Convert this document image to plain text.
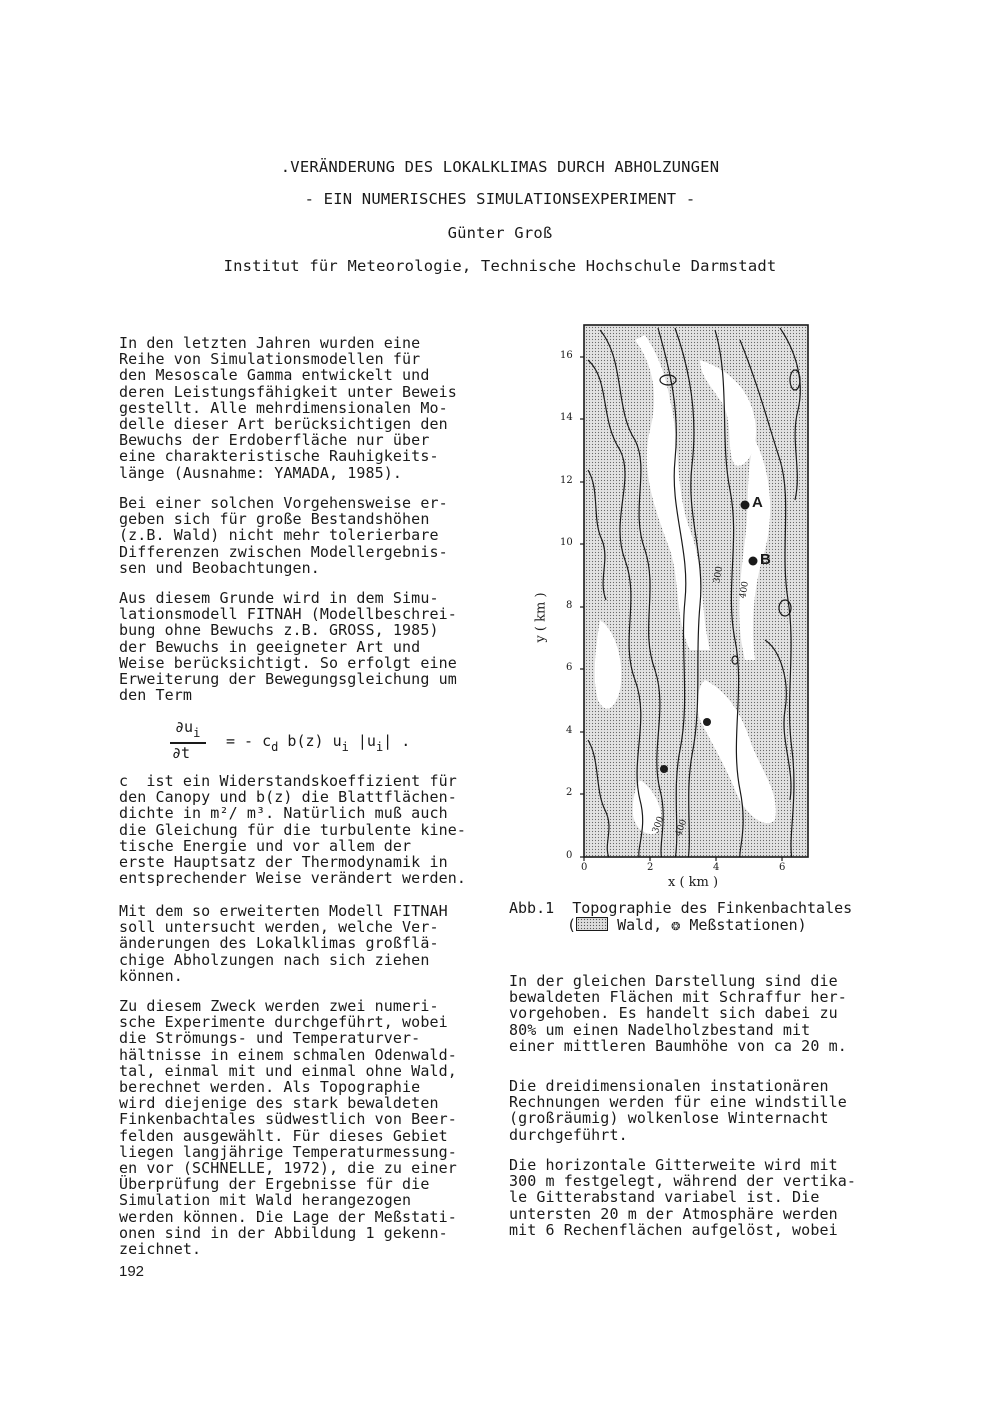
.VERÄNDERUNG DES LOKALKLIMAS DURCH ABHOLZUNGEN
- EIN NUMERISCHES SIMULATIONSEXPERIMENT -
Günter Groß
Institut für Meteorologie, Technische Hochschule Darmstadt
In den letzten Jahren wurden eine
Reihe von Simulationsmodellen für
den Mesoscale Gamma entwickelt und
deren Leistungsfähigkeit unter Beweis
gestellt. Alle mehrdimensionalen Mo-
delle dieser Art berücksichtigen den
Bewuchs der Erdoberfläche nur über
eine charakteristische Rauhigkeits-
länge (Ausnahme: YAMADA, 1985).
Bei einer solchen Vorgehensweise er-
geben sich für große Bestandshöhen
(z.B. Wald) nicht mehr tolerierbare
Differenzen zwischen Modellergebnis-
sen und Beobachtungen.
Aus diesem Grunde wird in dem Simu-
lationsmodell FITNAH (Modellbeschrei-
bung ohne Bewuchs z.B. GROSS, 1985)
der Bewuchs in geeigneter Art und
Weise berücksichtigt. So erfolgt eine
Erweiterung der Bewegungsgleichung um
den Term
$\partial u_i$
∂t
= - $c_d$ b(z) $u_i$ $|u_i|$ .
c  ist ein Widerstandskoeffizient für
den Canopy und b(z) die Blattflächen-
dichte in m²/ m³. Natürlich muß auch
die Gleichung für die turbulente kine-
tische Energie und vor allem der
erste Hauptsatz der Thermodynamik in
entsprechender Weise verändert werden.
Mit dem so erweiterten Modell FITNAH
soll untersucht werden, welche Ver-
änderungen des Lokalklimas großflä-
chige Abholzungen nach sich ziehen
können.
Zu diesem Zweck werden zwei numeri-
sche Experimente durchgeführt, wobei
die Strömungs- und Temperaturver-
hältnisse in einem schmalen Odenwald-
tal, einmal mit und einmal ohne Wald,
berechnet werden. Als Topographie
wird diejenige des stark bewaldeten
Finkenbachtales südwestlich von Beer-
felden ausgewählt. Für dieses Gebiet
liegen langjährige Temperaturmessung-
en vor (SCHNELLE, 1972), die zu einer
Überprüfung der Ergebnisse für die
Simulation mit Wald herangezogen
werden können. Die Lage der Meßstati-
onen sind in der Abbildung 1 gekenn-
zeichnet.
192
0
2
4
6
8
10
12
14
16
0	2	4	6
y ( km )
x ( km )
A
B
300
400
300 400
Abb.1 Topographie des Finkenbachtales
(	Wald, ❂ Meßstationen)
In der gleichen Darstellung sind die
bewaldeten Flächen mit Schraffur her-
vorgehoben. Es handelt sich dabei zu
80% um einen Nadelholzbestand mit
einer mittleren Baumhöhe von ca 20 m.
Die dreidimensionalen instationären
Rechnungen werden für eine windstille
(großräumig) wolkenlose Winternacht
durchgeführt.
Die horizontale Gitterweite wird mit
300 m festgelegt, während der vertika-
le Gitterabstand variabel ist. Die
untersten 20 m der Atmosphäre werden
mit 6 Rechenflächen aufgelöst, wobei
